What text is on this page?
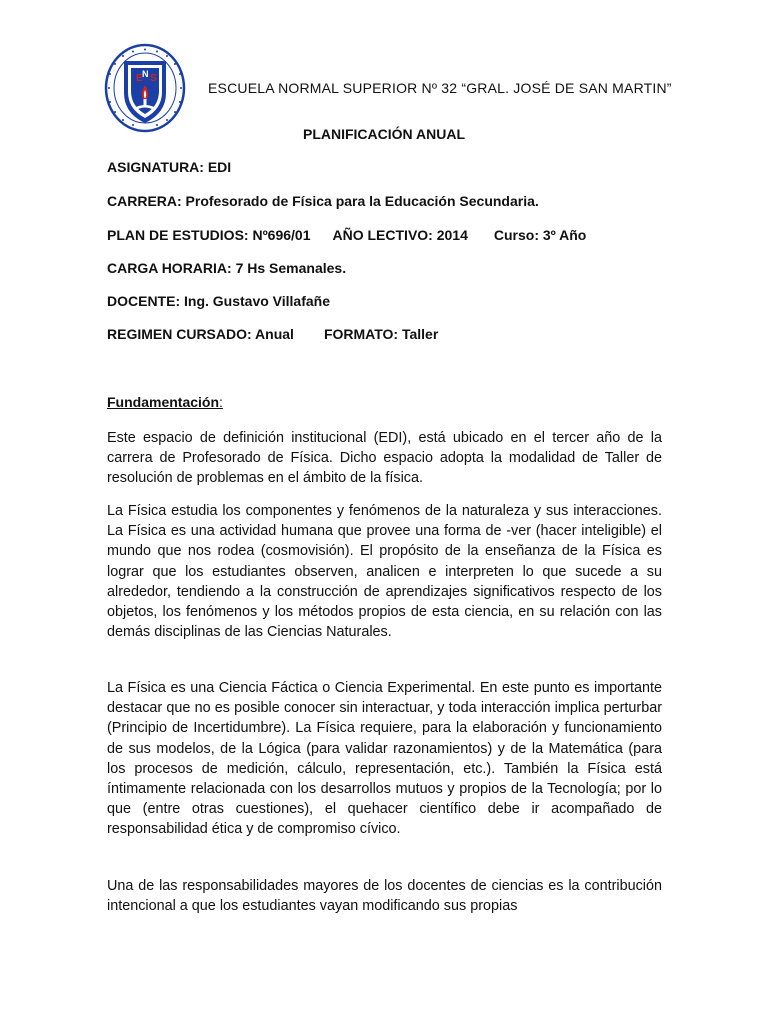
E N S
ESCUELA NORMAL SUPERIOR Nº 32 “GRAL. JOSÉ DE SAN MARTIN”
PLANIFICACIÓN ANUAL
ASIGNATURA: EDI
CARRERA: Profesorado de Física para la Educación Secundaria.
PLAN DE ESTUDIOS: Nº696/01 AÑO LECTIVO: 2014 Curso: 3º Año
CARGA HORARIA: 7 Hs Semanales.
DOCENTE: Ing. Gustavo Villafañe
REGIMEN CURSADO: Anual FORMATO: Taller
Fundamentación:

Este espacio de definición institucional (EDI), está ubicado en el tercer año de la carrera de Profesorado de Física. Dicho espacio adopta la modalidad de Taller de resolución de problemas en el ámbito de la física.

La Física estudia los componentes y fenómenos de la naturaleza y sus interacciones. La Física es una actividad humana que provee una forma de -ver (hacer inteligible) el mundo que nos rodea (cosmovisión). El propósito de la enseñanza de la Física es lograr que los estudiantes observen, analicen e interpreten lo que sucede a su alrededor, tendiendo a la construcción de aprendizajes significativos respecto de los objetos, los fenómenos y los métodos propios de esta ciencia, en su relación con las demás disciplinas de las Ciencias Naturales.

La Física es una Ciencia Fáctica o Ciencia Experimental. En este punto es importante destacar que no es posible conocer sin interactuar, y toda interacción implica perturbar (Principio de Incertidumbre). La Física requiere, para la elaboración y funcionamiento de sus modelos, de la Lógica (para validar razonamientos) y de la Matemática (para los procesos de medición, cálculo, representación, etc.). También la Física está íntimamente relacionada con los desarrollos mutuos y propios de la Tecnología; por lo que (entre otras cuestiones), el quehacer científico debe ir acompañado de responsabilidad ética y de compromiso cívico.

Una de las responsabilidades mayores de los docentes de ciencias es la contribución intencional a que los estudiantes vayan modificando sus propias
